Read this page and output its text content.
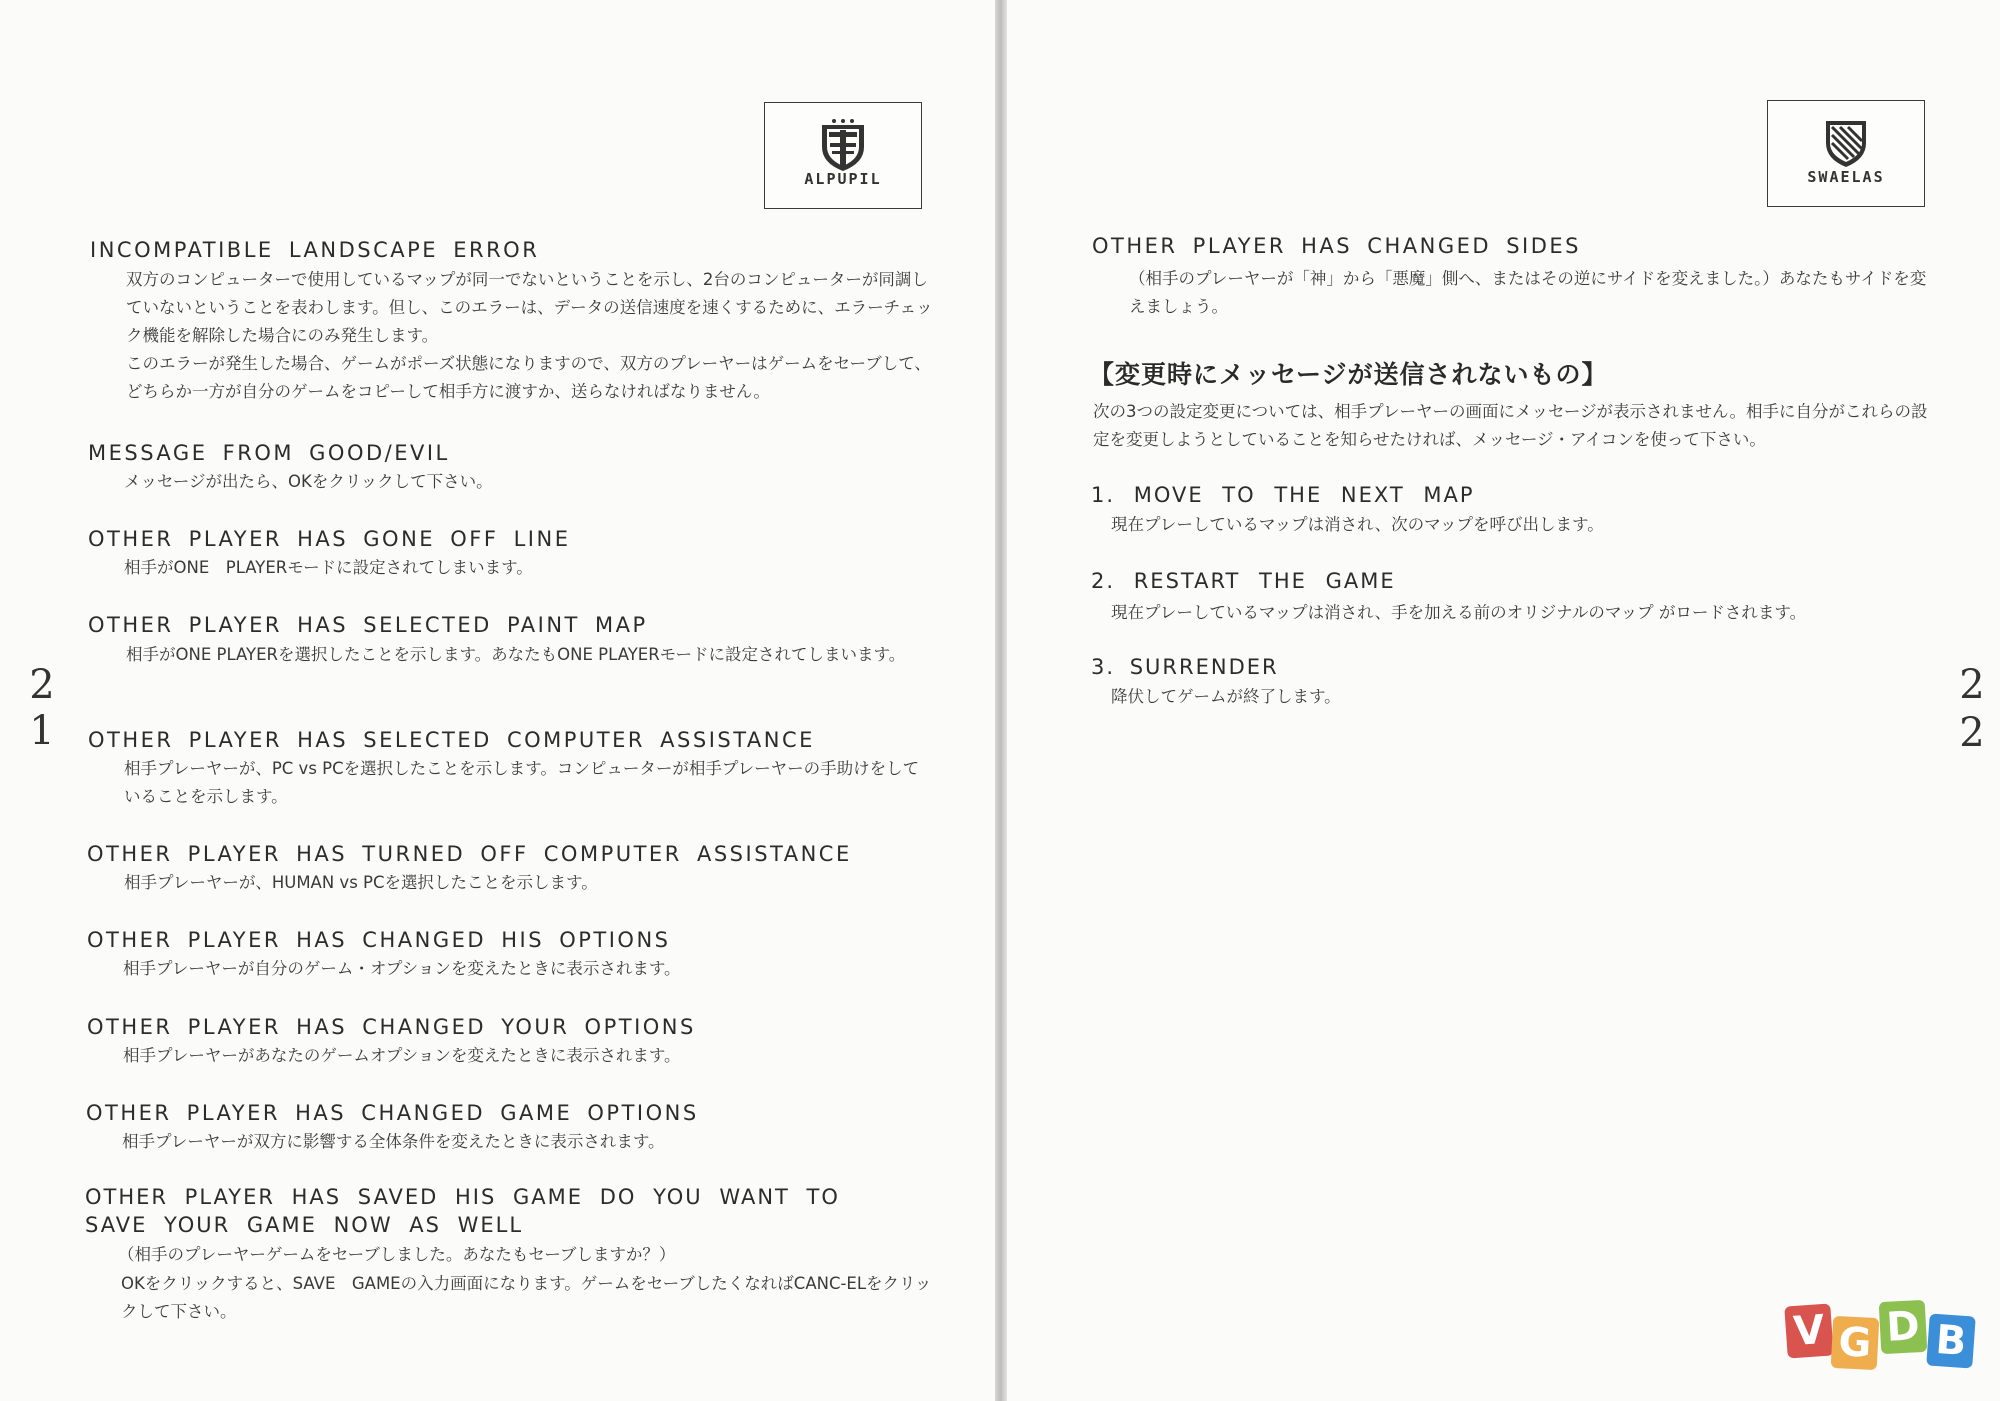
ALPUPIL
2
1
INCOMPATIBLE LANDSCAPE ERROR
双方のコンピューターで使用しているマップが同一でないということを示し、2台のコンピューターが同調していないということを表わします。但し、このエラーは、データの送信速度を速くするために、エラーチェック機能を解除した場合にのみ発生します。
このエラーが発生した場合、ゲームがポーズ状態になりますので、双方のプレーヤーはゲームをセーブして、どちらか一方が自分のゲームをコピーして相手方に渡すか、送らなければなりません。
MESSAGE FROM GOOD/EVIL
メッセージが出たら、OKをクリックして下さい。
OTHER PLAYER HAS GONE OFF LINE
相手がONE　PLAYERモードに設定されてしまいます。
OTHER PLAYER HAS SELECTED PAINT MAP
相手がONE PLAYERを選択したことを示します。あなたもONE PLAYERモードに設定されてしまいます。
OTHER PLAYER HAS SELECTED COMPUTER ASSISTANCE
相手プレーヤーが、PC vs PCを選択したことを示します。コンピューターが相手プレーヤーの手助けをしていることを示します。
OTHER PLAYER HAS TURNED OFF COMPUTER ASSISTANCE
相手プレーヤーが、HUMAN vs PCを選択したことを示します。
OTHER PLAYER HAS CHANGED HIS OPTIONS
相手プレーヤーが自分のゲーム・オプションを変えたときに表示されます。
OTHER PLAYER HAS CHANGED YOUR OPTIONS
相手プレーヤーがあなたのゲームオプションを変えたときに表示されます。
OTHER PLAYER HAS CHANGED GAME OPTIONS
相手プレーヤーが双方に影響する全体条件を変えたときに表示されます。
OTHER PLAYER HAS SAVED HIS GAME DO YOU WANT TO
SAVE YOUR GAME NOW AS WELL
（相手のプレーヤーゲームをセーブしました。あなたもセーブしますか？）
OKをクリックすると、SAVE　GAMEの入力画面になります。ゲームをセーブしたくなればCANC-ELをクリックして下さい。
SWAELAS
2
2
OTHER PLAYER HAS CHANGED SIDES
（相手のプレーヤーが「神」から「悪魔」側へ、またはその逆にサイドを変えました。）あなたもサイドを変えましょう。
【変更時にメッセージが送信されないもの】
次の3つの設定変更については、相手プレーヤーの画面にメッセージが表示されません。相手に自分がこれらの設定を変更しようとしていることを知らせたければ、メッセージ・アイコンを使って下さい。
1. MOVE TO THE NEXT MAP
現在プレーしているマップは消され、次のマップを呼び出します。
2. RESTART THE GAME
現在プレーしているマップは消され、手を加える前のオリジナルのマップ がロードされます。
3. SURRENDER
降伏してゲームが終了します。
V G D B
